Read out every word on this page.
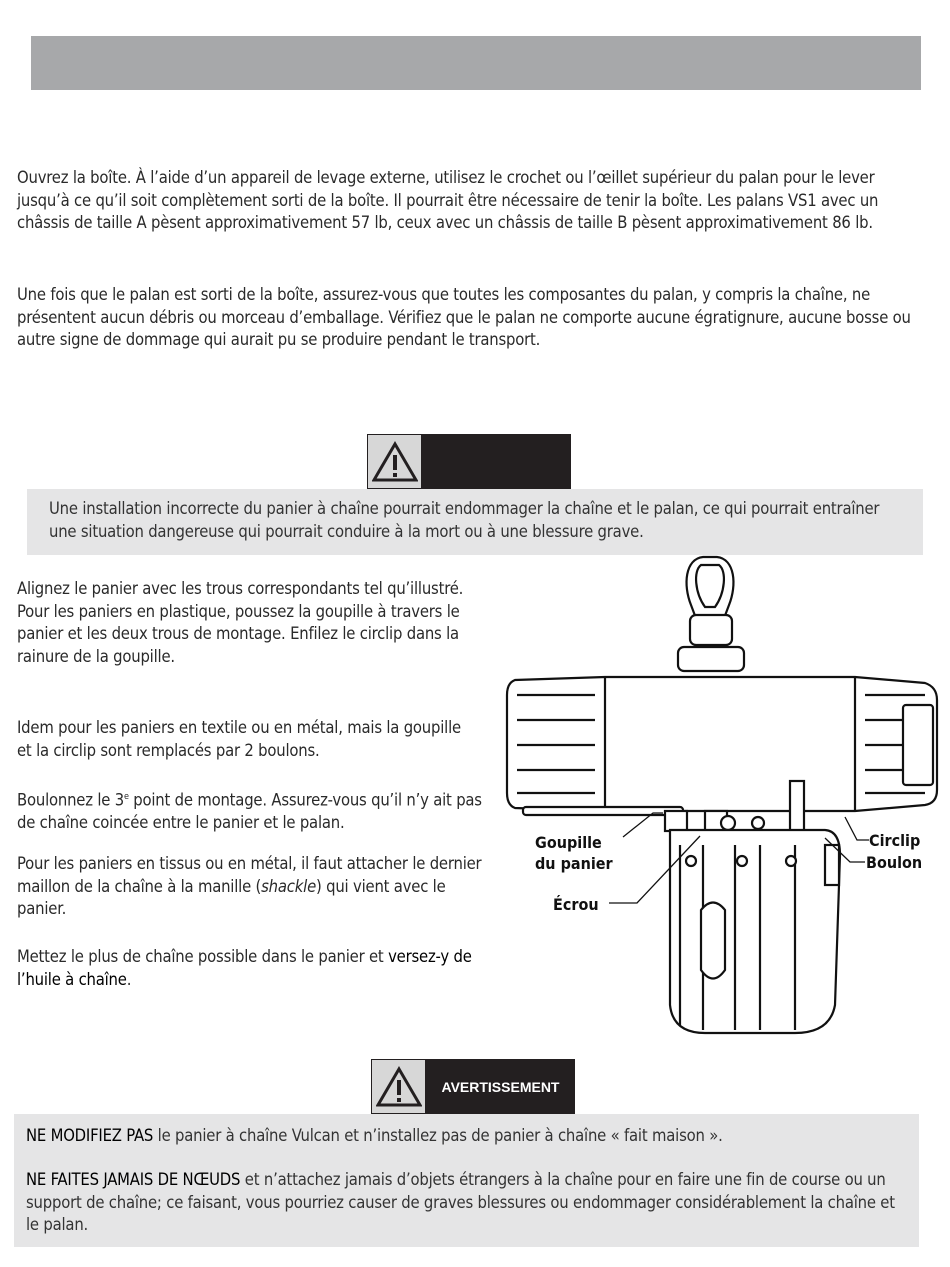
Ouvrez la boîte. À l’aide d’un appareil de levage externe, utilisez le crochet ou l’œillet supérieur du palan pour le lever jusqu’à ce qu’il soit complètement sorti de la boîte. Il pourrait être nécessaire de tenir la boîte. Les palans VS1 avec un châssis de taille A pèsent approximativement 57 lb, ceux avec un châssis de taille B pèsent approximativement 86 lb.

Une fois que le palan est sorti de la boîte, assurez-vous que toutes les composantes du palan, y compris la chaîne, ne présentent aucun débris ou morceau d’emballage. Vérifiez que le palan ne comporte aucune égratignure, aucune bosse ou autre signe de dommage qui aurait pu se produire pendant le transport.

Une installation incorrecte du panier à chaîne pourrait endommager la chaîne et le palan, ce qui pourrait entraîner une situation dangereuse qui pourrait conduire à la mort ou à une blessure grave.

Alignez le panier avec les trous correspondants tel qu’illustré. Pour les paniers en plastique, poussez la goupille à travers le panier et les deux trous de montage. Enfilez le circlip dans la rainure de la goupille.

Idem pour les paniers en textile ou en métal, mais la goupille et la circlip sont remplacés par 2 boulons.

Boulonnez le 3e point de montage. Assurez-vous qu’il n’y ait pas de chaîne coincée entre le panier et le palan.

Pour les paniers en tissus ou en métal, il faut attacher le dernier maillon de la chaîne à la manille (shackle) qui vient avec le panier.

Mettez le plus de chaîne possible dans le panier et versez-y de l’huile à chaîne.

Goupille
du panier
Écrou
Circlip
Boulon
AVERTISSEMENT

NE MODIFIEZ PAS le panier à chaîne Vulcan et n’installez pas de panier à chaîne « fait maison ».

NE FAITES JAMAIS DE NŒUDS et n’attachez jamais d’objets étrangers à la chaîne pour en faire une fin de course ou un support de chaîne; ce faisant, vous pourriez causer de graves blessures ou endommager considérablement la chaîne et le palan.
